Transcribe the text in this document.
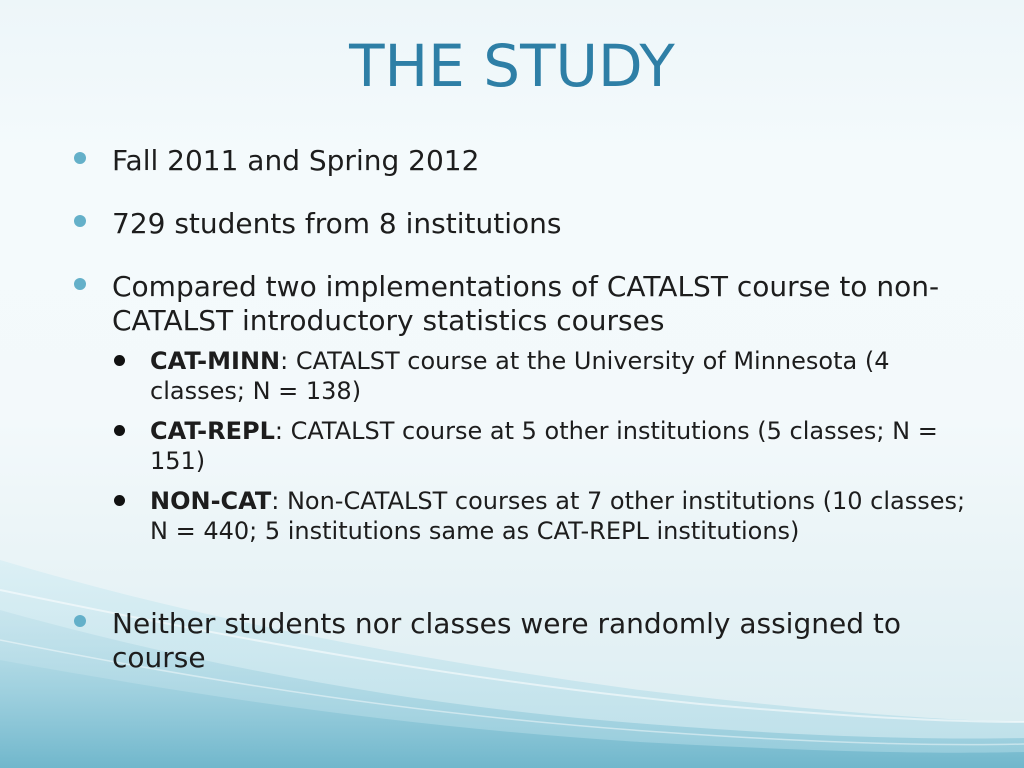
THE STUDY
Fall 2011 and Spring 2012
729 students from 8 institutions
Compared two implementations of CATALST course to non-CATALST introductory statistics courses
CAT-MINN: CATALST course at the University of Minnesota (4 classes; N = 138)
CAT-REPL: CATALST course at 5 other institutions (5 classes; N = 151)
NON-CAT: Non-CATALST courses at 7 other institutions (10 classes; N = 440; 5 institutions same as CAT-REPL institutions)
Neither students nor classes were randomly assigned to course
